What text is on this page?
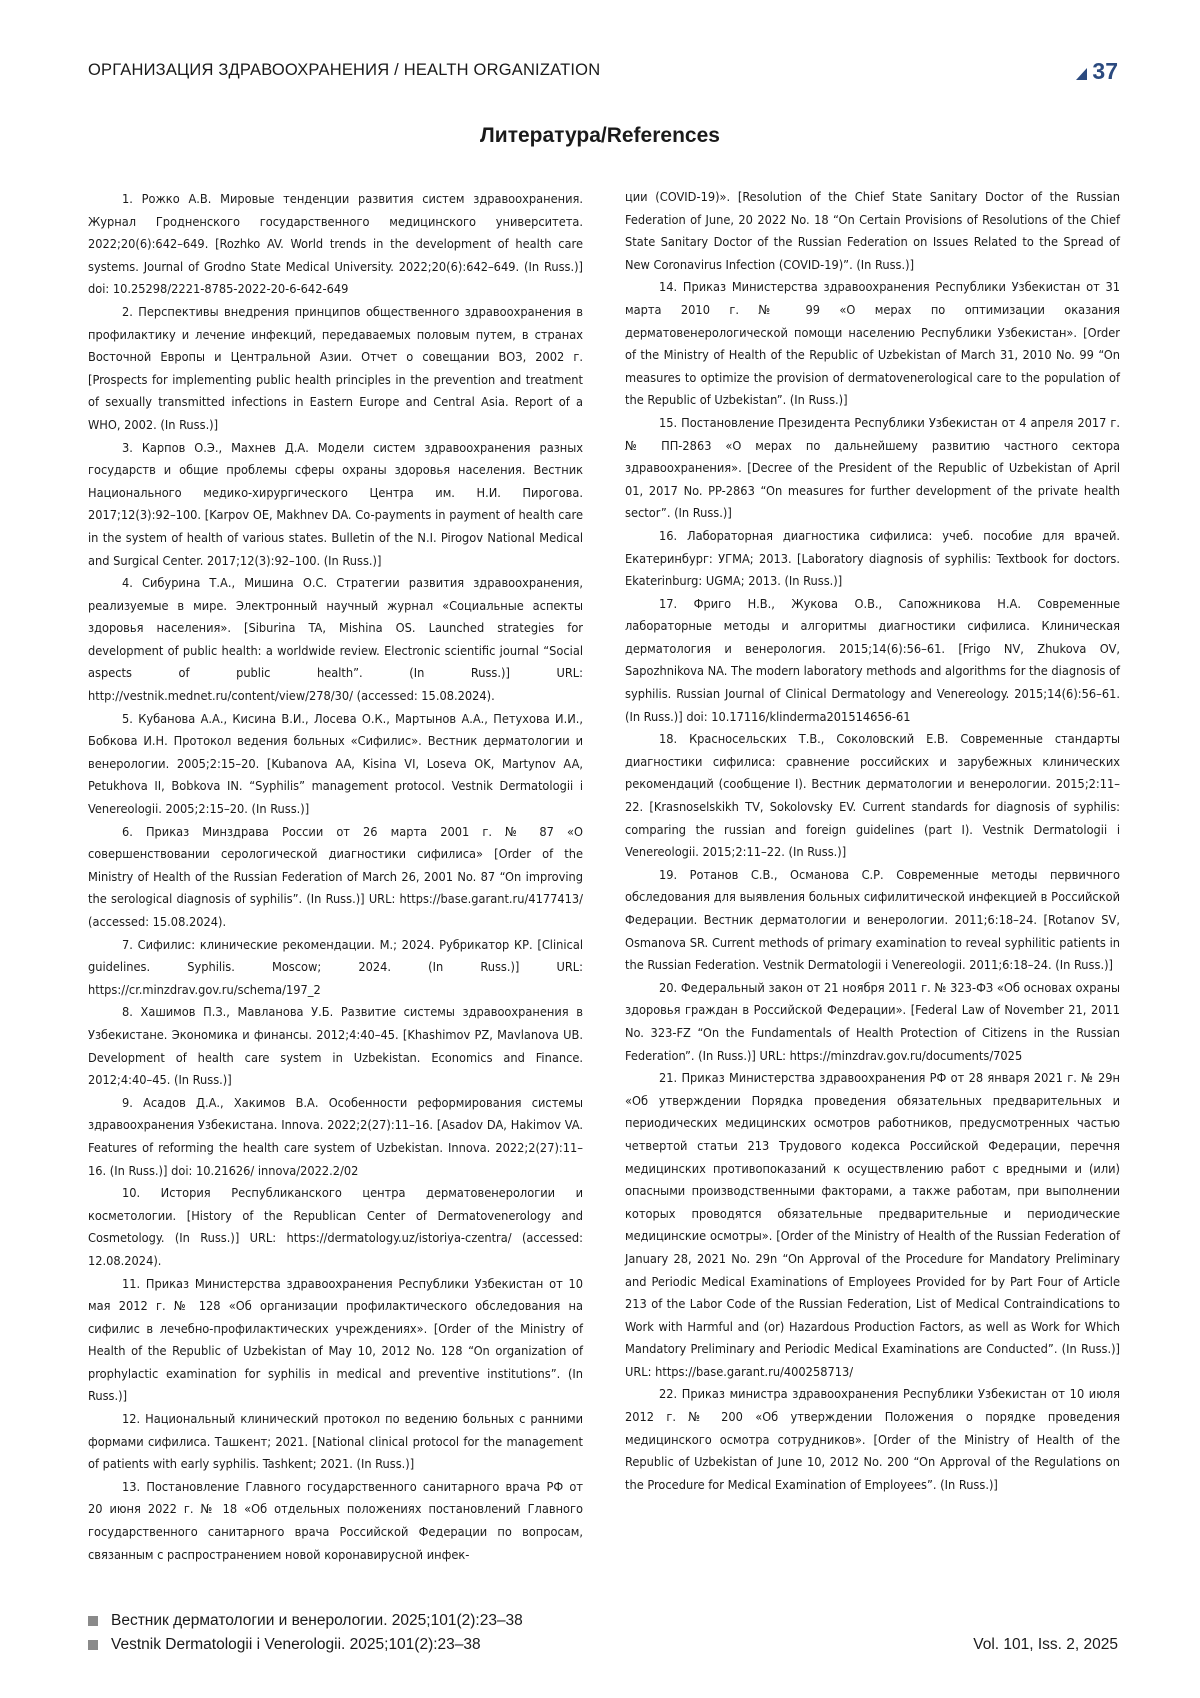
ОРГАНИЗАЦИЯ ЗДРАВООХРАНЕНИЯ / HEALTH ORGANIZATION	37
Литература/References

1. Рожко А.В. Мировые тенденции развития систем здравоохранения. Журнал Гродненского государственного медицинского университета. 2022;20(6):642–649. [Rozhko AV. World trends in the development of health care systems. Journal of Grodno State Medical University. 2022;20(6):642–649. (In Russ.)] doi: 10.25298/2221-8785-2022-20-6-642-649

2. Перспективы внедрения принципов общественного здравоохранения в профилактику и лечение инфекций, передаваемых половым путем, в странах Восточной Европы и Центральной Азии. Отчет о совещании ВОЗ, 2002 г. [Prospects for implementing public health principles in the prevention and treatment of sexually transmitted infections in Eastern Europe and Central Asia. Report of a WHO, 2002. (In Russ.)]

3. Карпов О.Э., Махнев Д.А. Модели систем здравоохранения разных государств и общие проблемы сферы охраны здоровья населения. Вестник Национального медико-хирургического Центра им. Н.И. Пирогова. 2017;12(3):92–100. [Karpov OE, Makhnev DA. Co-payments in payment of health care in the system of health of various states. Bulletin of the N.I. Pirogov National Medical and Surgical Center. 2017;12(3):92–100. (In Russ.)]

4. Сибурина Т.А., Мишина О.С. Стратегии развития здравоохранения, реализуемые в мире. Электронный научный журнал «Социальные аспекты здоровья населения». [Siburina TA, Mishina OS. Launched strategies for development of public health: a worldwide review. Electronic scientific journal “Social aspects of public health”. (In Russ.)] URL: http://vestnik.mednet.ru/content/view/278/30/ (accessed: 15.08.2024).

5. Кубанова А.А., Кисина В.И., Лосева О.К., Мартынов А.А., Петухова И.И., Бобкова И.Н. Протокол ведения больных «Сифилис». Вестник дерматологии и венерологии. 2005;2:15–20. [Kubanova AA, Kisina VI, Loseva OK, Martynov AA, Petukhova II, Bobkova IN. “Syphilis” management protocol. Vestnik Dermatologii i Venereologii. 2005;2:15–20. (In Russ.)]

6. Приказ Минздрава России от 26 марта 2001 г. № 87 «О совершенствовании серологической диагностики сифилиса» [Order of the Ministry of Health of the Russian Federation of March 26, 2001 No. 87 “On improving the serological diagnosis of syphilis”. (In Russ.)] URL: https://base.garant.ru/4177413/ (accessed: 15.08.2024).

7. Сифилис: клинические рекомендации. М.; 2024. Рубрикатор КР. [Clinical guidelines. Syphilis. Moscow; 2024. (In Russ.)] URL: https://cr.minzdrav.gov.ru/schema/197_2

8. Хашимов П.З., Мавланова У.Б. Развитие системы здравоохранения в Узбекистане. Экономика и финансы. 2012;4:40–45. [Khashimov PZ, Mavlanova UB. Development of health care system in Uzbekistan. Economics and Finance. 2012;4:40–45. (In Russ.)]

9. Асадов Д.А., Хакимов В.А. Особенности реформирования системы здравоохранения Узбекистана. Innova. 2022;2(27):11–16. [Asadov DA, Hakimov VA. Features of reforming the health care system of Uzbekistan. Innova. 2022;2(27):11–16. (In Russ.)] doi: 10.21626/ innova/2022.2/02

10. История Республиканского центра дерматовенерологии и косметологии. [History of the Republican Center of Dermatovenerology and Cosmetology. (In Russ.)] URL: https://dermatology.uz/istoriya-czentra/ (accessed: 12.08.2024).

11. Приказ Министерства здравоохранения Республики Узбекистан от 10 мая 2012 г. № 128 «Об организации профилактического обследования на сифилис в лечебно-профилактических учреждениях». [Order of the Ministry of Health of the Republic of Uzbekistan of May 10, 2012 No. 128 “On organization of prophylactic examination for syphilis in medical and preventive institutions”. (In Russ.)]

12. Национальный клинический протокол по ведению больных с ранними формами сифилиса. Ташкент; 2021. [National clinical protocol for the management of patients with early syphilis. Tashkent; 2021. (In Russ.)]

13. Постановление Главного государственного санитарного врача РФ от 20 июня 2022 г. № 18 «Об отдельных положениях постановлений Главного государственного санитарного врача Российской Федерации по вопросам, связанным с распространением новой коронавирусной инфек-

ции (COVID-19)». [Resolution of the Chief State Sanitary Doctor of the Russian Federation of June, 20 2022 No. 18 “On Certain Provisions of Resolutions of the Chief State Sanitary Doctor of the Russian Federation on Issues Related to the Spread of New Coronavirus Infection (COVID-19)”. (In Russ.)]

14. Приказ Министерства здравоохранения Республики Узбекистан от 31 марта 2010 г. № 99 «О мерах по оптимизации оказания дерматовенерологической помощи населению Республики Узбекистан». [Order of the Ministry of Health of the Republic of Uzbekistan of March 31, 2010 No. 99 “On measures to optimize the provision of dermatovenerological care to the population of the Republic of Uzbekistan”. (In Russ.)]

15. Постановление Президента Республики Узбекистан от 4 апреля 2017 г. № ПП-2863 «О мерах по дальнейшему развитию частного сектора здравоохранения». [Decree of the President of the Republic of Uzbekistan of April 01, 2017 No. PP-2863 “On measures for further development of the private health sector”. (In Russ.)]

16. Лабораторная диагностика сифилиса: учеб. пособие для врачей. Екатеринбург: УГМА; 2013. [Laboratory diagnosis of syphilis: Textbook for doctors. Ekaterinburg: UGMA; 2013. (In Russ.)]

17. Фриго Н.В., Жукова О.В., Сапожникова Н.А. Современные лабораторные методы и алгоритмы диагностики сифилиса. Клиническая дерматология и венерология. 2015;14(6):56–61. [Frigo NV, Zhukova OV, Sapozhnikova NA. The modern laboratory methods and algorithms for the diagnosis of syphilis. Russian Journal of Clinical Dermatology and Venereology. 2015;14(6):56–61. (In Russ.)] doi: 10.17116/klinderma201514656-61

18. Красносельских Т.В., Соколовский Е.В. Современные стандарты диагностики сифилиса: сравнение российских и зарубежных клинических рекомендаций (сообщение I). Вестник дерматологии и венерологии. 2015;2:11–22. [Krasnoselskikh TV, Sokolovsky EV. Current standards for diagnosis of syphilis: comparing the russian and foreign guidelines (part I). Vestnik Dermatologii i Venereologii. 2015;2:11–22. (In Russ.)]

19. Ротанов С.В., Османова С.Р. Современные методы первичного обследования для выявления больных сифилитической инфекцией в Российской Федерации. Вестник дерматологии и венерологии. 2011;6:18–24. [Rotanov SV, Osmanova SR. Current methods of primary examination to reveal syphilitic patients in the Russian Federation. Vestnik Dermatologii i Venereologii. 2011;6:18–24. (In Russ.)]

20. Федеральный закон от 21 ноября 2011 г. № 323-ФЗ «Об основах охраны здоровья граждан в Российской Федерации». [Federal Law of November 21, 2011 No. 323-FZ “On the Fundamentals of Health Protection of Citizens in the Russian Federation”. (In Russ.)] URL: https://minzdrav.gov.ru/documents/7025

21. Приказ Министерства здравоохранения РФ от 28 января 2021 г. № 29н «Об утверждении Порядка проведения обязательных предварительных и периодических медицинских осмотров работников, предусмотренных частью четвертой статьи 213 Трудового кодекса Российской Федерации, перечня медицинских противопоказаний к осуществлению работ с вредными и (или) опасными производственными факторами, а также работам, при выполнении которых проводятся обязательные предварительные и периодические медицинские осмотры». [Order of the Ministry of Health of the Russian Federation of January 28, 2021 No. 29n “On Approval of the Procedure for Mandatory Preliminary and Periodic Medical Examinations of Employees Provided for by Part Four of Article 213 of the Labor Code of the Russian Federation, List of Medical Contraindications to Work with Harmful and (or) Hazardous Production Factors, as well as Work for Which Mandatory Preliminary and Periodic Medical Examinations are Conducted”. (In Russ.)] URL: https://base.garant.ru/400258713/

22. Приказ министра здравоохранения Республики Узбекистан от 10 июля 2012 г. № 200 «Об утверждении Положения о порядке проведения медицинского осмотра сотрудников». [Order of the Ministry of Health of the Republic of Uzbekistan of June 10, 2012 No. 200 “On Approval of the Regulations on the Procedure for Medical Examination of Employees”. (In Russ.)]

Вестник дерматологии и венерологии. 2025;101(2):23–38
Vestnik Dermatologii i Venerologii. 2025;101(2):23–38	Vol. 101, Iss. 2, 2025
